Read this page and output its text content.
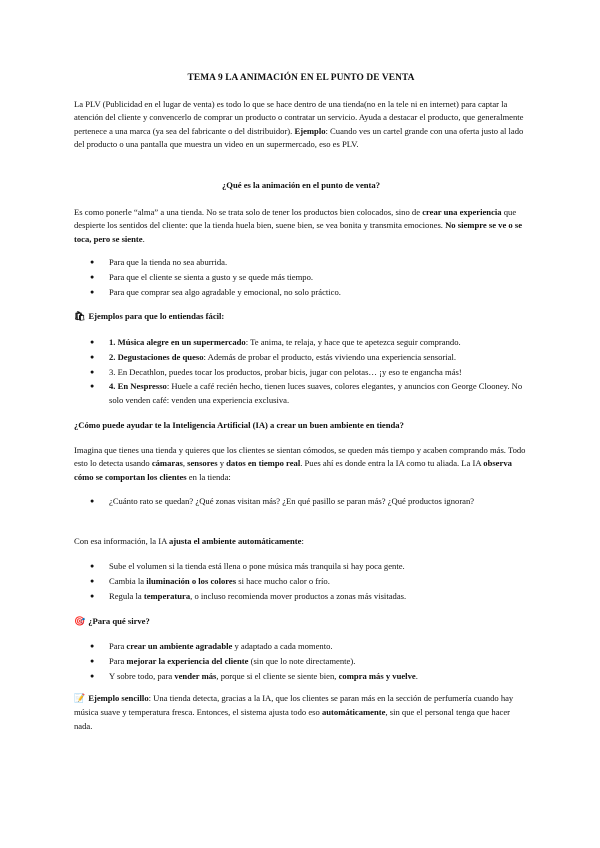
TEMA 9 LA ANIMACIÓN EN EL PUNTO DE VENTA

La PLV (Publicidad en el lugar de venta) es todo lo que se hace dentro de una tienda(no en la tele ni en internet) para captar la atención del cliente y convencerlo de comprar un producto o contratar un servicio. Ayuda a destacar el producto, que generalmente pertenece a una marca (ya sea del fabricante o del distribuidor). Ejemplo: Cuando ves un cartel grande con una oferta justo al lado del producto o una pantalla que muestra un video en un supermercado, eso es PLV.

¿Qué es la animación en el punto de venta?

Es como ponerle “alma” a una tienda. No se trata solo de tener los productos bien colocados, sino de crear una experiencia que despierte los sentidos del cliente: que la tienda huela bien, suene bien, se vea bonita y transmita emociones. No siempre se ve o se toca, pero se siente.

● Para que la tienda no sea aburrida.
● Para que el cliente se sienta a gusto y se quede más tiempo.
● Para que comprar sea algo agradable y emocional, no solo práctico.
🛍 Ejemplos para que lo entiendas fácil:
● 1. Música alegre en un supermercado: Te anima, te relaja, y hace que te apetezca seguir comprando.
● 2. Degustaciones de queso: Además de probar el producto, estás viviendo una experiencia sensorial.
● 3. En Decathlon, puedes tocar los productos, probar bicis, jugar con pelotas… ¡y eso te engancha más!
● 4. En Nespresso: Huele a café recién hecho, tienen luces suaves, colores elegantes, y anuncios con George Clooney. No solo venden café: venden una experiencia exclusiva.
¿Cómo puede ayudar te la Inteligencia Artificial (IA) a crear un buen ambiente en tienda?

Imagina que tienes una tienda y quieres que los clientes se sientan cómodos, se queden más tiempo y acaben comprando más. Todo esto lo detecta usando cámaras, sensores y datos en tiempo real. Pues ahí es donde entra la IA como tu aliada. La IA observa cómo se comportan los clientes en la tienda:

● ¿Cuánto rato se quedan? ¿Qué zonas visitan más? ¿En qué pasillo se paran más? ¿Qué productos ignoran?

Con esa información, la IA ajusta el ambiente automáticamente:

● Sube el volumen si la tienda está llena o pone música más tranquila si hay poca gente.
● Cambia la iluminación o los colores si hace mucho calor o frío.
● Regula la temperatura, o incluso recomienda mover productos a zonas más visitadas.
🎯 ¿Para qué sirve?
● Para crear un ambiente agradable y adaptado a cada momento.
● Para mejorar la experiencia del cliente (sin que lo note directamente).
● Y sobre todo, para vender más, porque si el cliente se siente bien, compra más y vuelve.

📝 Ejemplo sencillo: Una tienda detecta, gracias a la IA, que los clientes se paran más en la sección de perfumería cuando hay música suave y temperatura fresca. Entonces, el sistema ajusta todo eso automáticamente, sin que el personal tenga que hacer nada.
